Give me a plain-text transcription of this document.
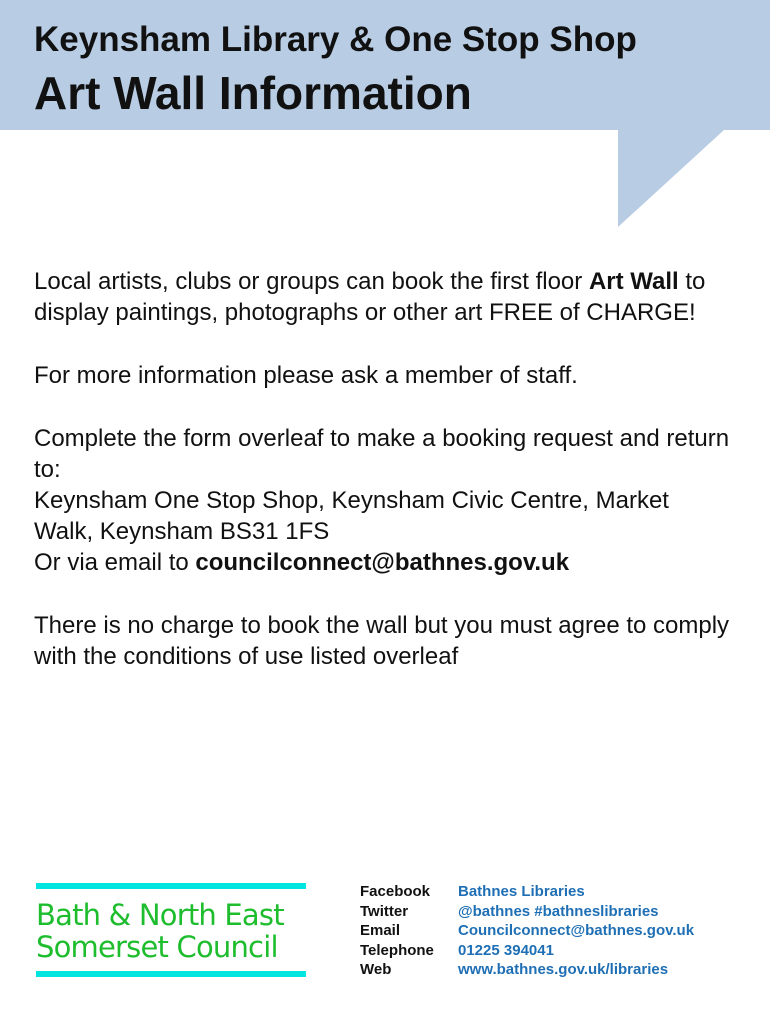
Keynsham Library & One Stop Shop
Art Wall Information

Local artists, clubs or groups can book the first floor Art Wall to display paintings, photographs or other art FREE of CHARGE!

For more information please ask a member of staff.

Complete the form overleaf to make a booking request and return to:
Keynsham One Stop Shop, Keynsham Civic Centre, Market Walk, Keynsham BS31 1FS
Or via email to councilconnect@bathnes.gov.uk

There is no charge to book the wall but you must agree to comply with the conditions of use listed overleaf

Bath & North East
Somerset Council
Facebook	Bathnes Libraries
Twitter	@bathnes #bathneslibraries
Email	Councilconnect@bathnes.gov.uk
Telephone	01225 394041
Web	www.bathnes.gov.uk/libraries
